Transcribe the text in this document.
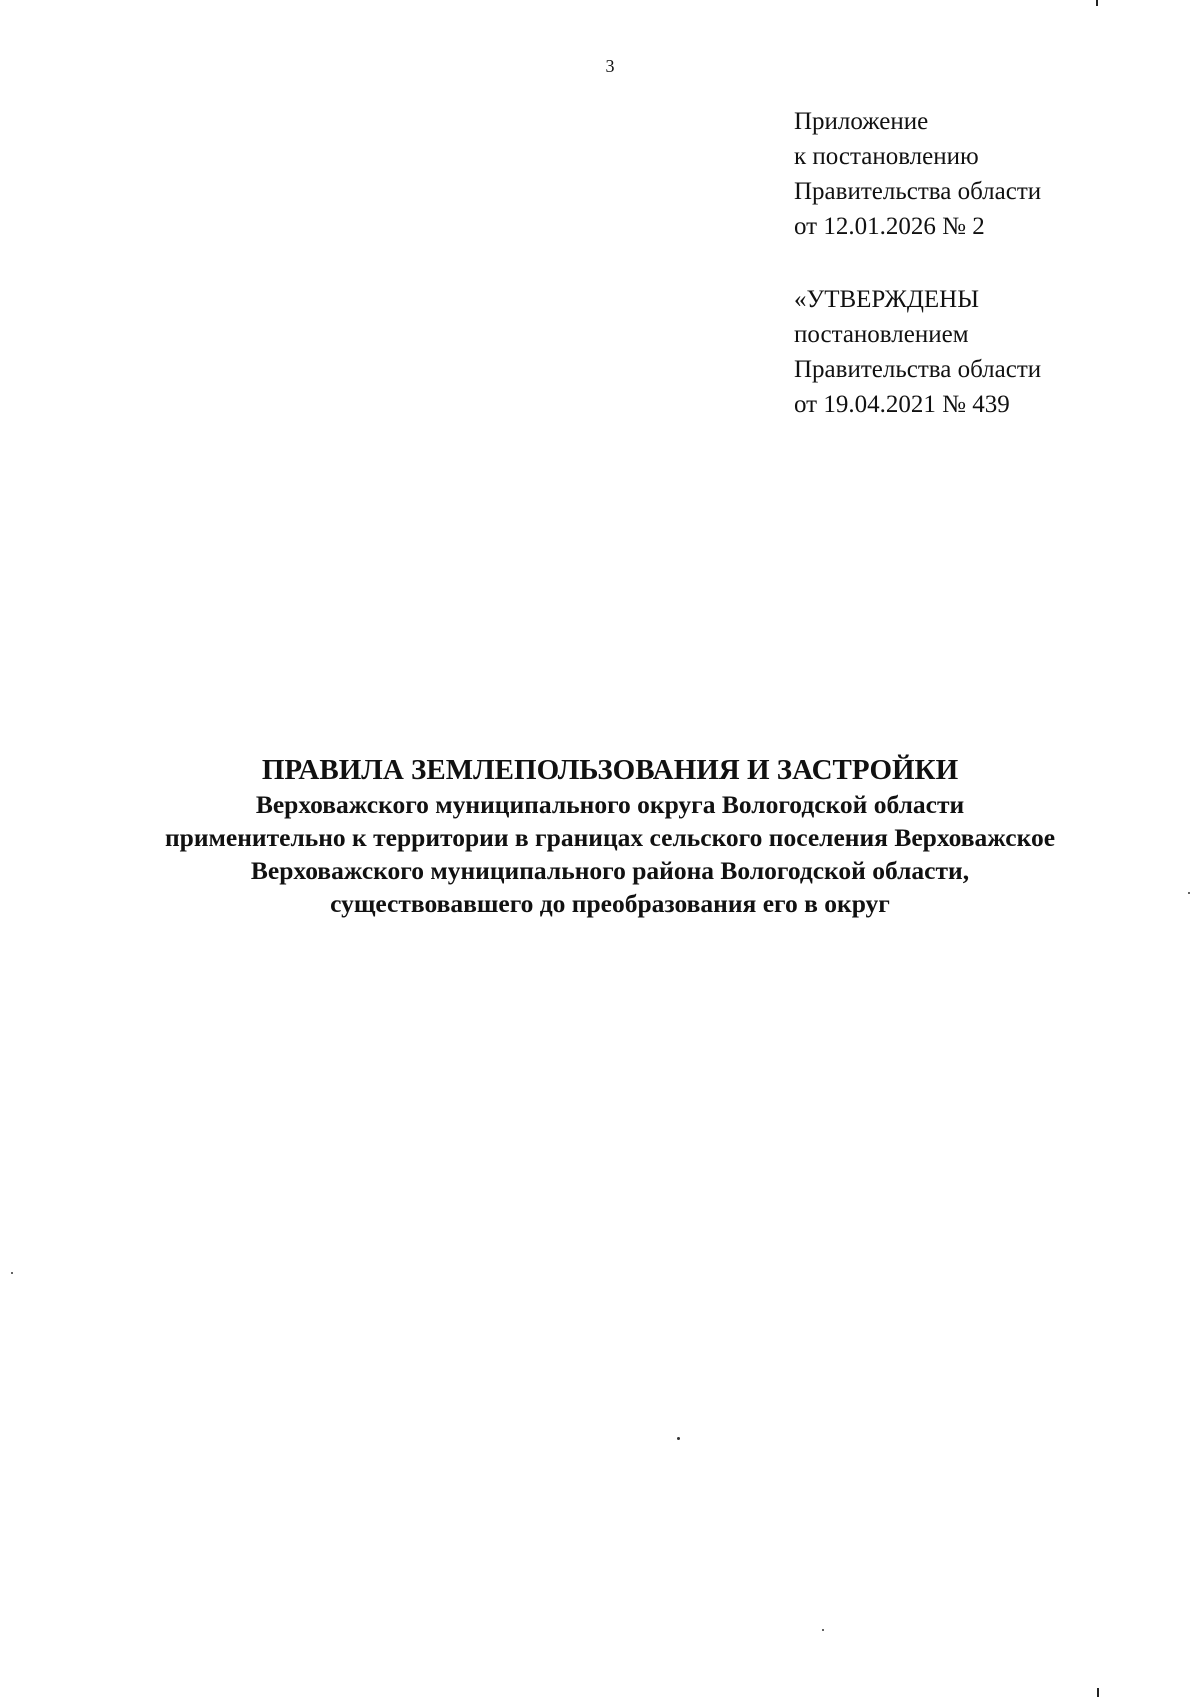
3
Приложение
к постановлению
Правительства области
от 12.01.2026 № 2
«УТВЕРЖДЕНЫ
постановлением
Правительства области
от 19.04.2021 № 439
ПРАВИЛА ЗЕМЛЕПОЛЬЗОВАНИЯ И ЗАСТРОЙКИ
Верховажского муниципального округа Вологодской области
применительно к территории в границах сельского поселения Верховажское
Верховажского муниципального района Вологодской области,
существовавшего до преобразования его в округ
